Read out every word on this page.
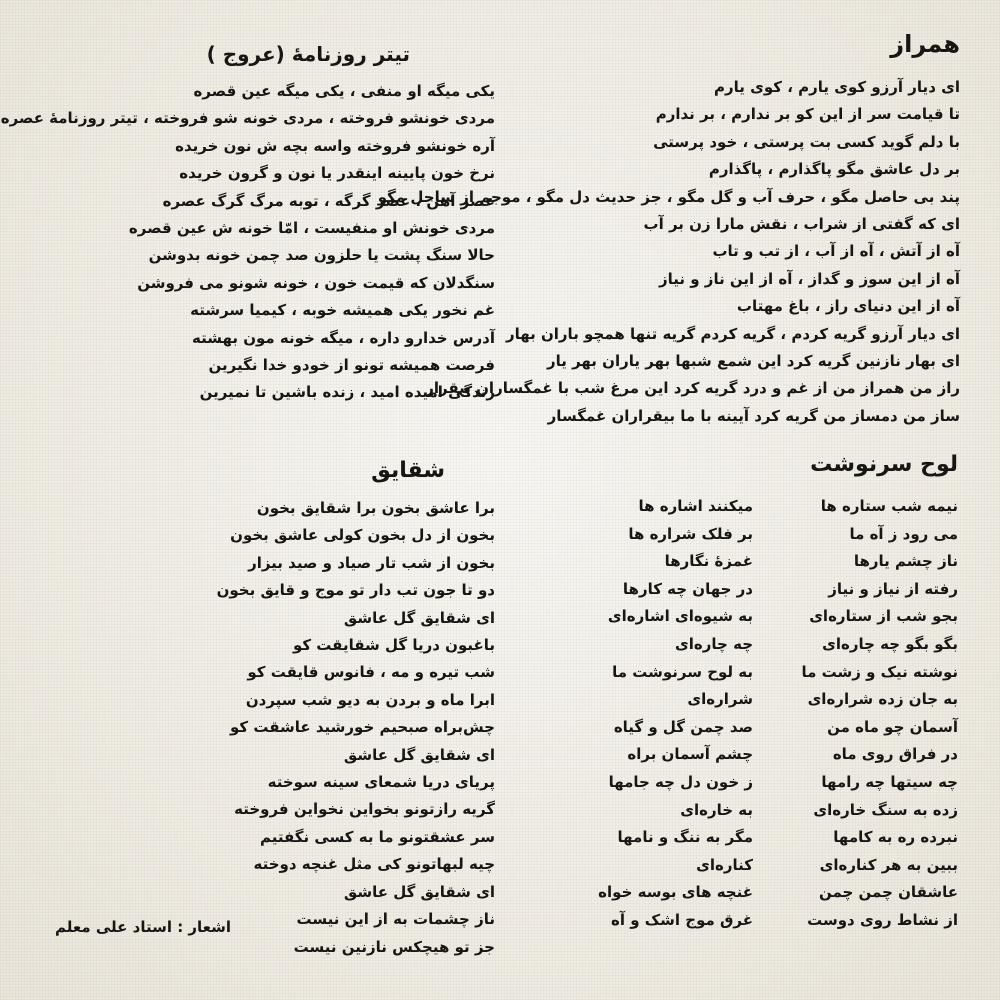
همراز
ای دیار آرزو کوی یارم ، کوی یارم
تا قیامت سر از این کو بر ندارم ، بر ندارم
با دلم گوید کسی بت پرستی ، خود پرستی
بر دل عاشق مگو پاگذارم ، پاگذارم
پند بی حاصل مگو ، حرف آب و گل مگو ، جز حدیث دل مگو ، موجم از ساحل مگو
ای که گفتی از شراب ، نقش مارا زن بر آب
آه از آتش ، آه از آب ، از تب و تاب
آه از این سوز و گداز ، آه از این ناز و نیاز
آه از این دنیای راز ، باغ مهتاب
ای دیار آرزو گریه کردم ، گریه کردم گریه تنها همچو باران بهار
ای بهار نازنین گریه کرد این شمع شبها بهر یاران بهر یار
راز من همراز من از غم و درد گریه کرد این مرغ شب با غمگساران بیقرار
ساز من دمساز من گریه کرد آیینه با ما بیقراران غمگسار
تیتر روزنامهٔ (عروج )
یکی میگه او منفی ، یکی میگه عین قصره
مردی خونشو فروخته ، مردی خونه شو فروخته ، تیتر روزنامهٔ عصره
آره خونشو فروخته واسه بچه ش نون خریده
نرخ خون پایینه اینقدر یا نون و گرون خریده
عصر آهن ، عصر گرگه ، توبه مرگ گرگ عصره
مردی خونش او منفیست ، امّا خونه ش عین قصره
حالا سنگ پشت یا حلزون صد چمن خونه بدوشن
سنگدلان که قیمت خون ، خونه شونو می فروشن
غم نخور یکی همیشه خوبه ، کیمیا سرشته
آدرس خدارو داره ، میگه خونه مون بهشته
فرصت همیشه تونو از خودو خدا نگیرین
زندگی امیده امید ، زنده باشین تا نمیرین
لوح سرنوشت
نیمه شب ستاره ها
میکنند اشاره ها
می رود ز آه ما
بر فلک شراره ها
ناز چشم یارها
غمزهٔ نگارها
رفته از نیاز و نیاز
در جهان چه کارها
بجو شب از ستاره‌ای
به شیوه‌ای اشاره‌ای
بگو بگو چه چاره‌ای
چه چاره‌ای
نوشته نیک و زشت ما
به لوح سرنوشت ما
به جان زده شراره‌ای
شراره‌ای
آسمان چو ماه من
صد چمن گل و گیاه
در فراق روی ماه
چشم آسمان براه
چه سیتها چه رامها
ز خون دل چه جامها
زده به سنگ خاره‌ای
به خاره‌ای
نبرده ره به کامها
مگر به ننگ و نامها
ببین به هر کناره‌ای
کناره‌ای
عاشقان چمن چمن
غنچه های بوسه خواه
از نشاط روی دوست
غرق موج اشک و آه
شقایق
برا عاشق بخون برا شقایق بخون
بخون از دل بخون کولی عاشق بخون
بخون از شب تار صیاد و صید بیزار
دو تا جون تب دار تو موج و قایق بخون
ای شقایق گل عاشق
باغبون دریا گل شقایقت کو
شب تیره و مه ، فانوس قایقت کو
ابرا ماه و بردن به دیو شب سپردن
چش‌براه صبحیم خورشید عاشقت کو
ای شقایق گل عاشق
پریای دریا شمعای سینه سوخته
گریه رازتونو بخواین نخواین فروخته
سر عشقتونو ما به کسی نگفتیم
چیه لبهاتونو کی مثل غنچه دوخته
ای شقایق گل عاشق
ناز چشمات به از این نیست
جز تو هیچکس نازنین نیست
اشعار : استاد علی معلم
